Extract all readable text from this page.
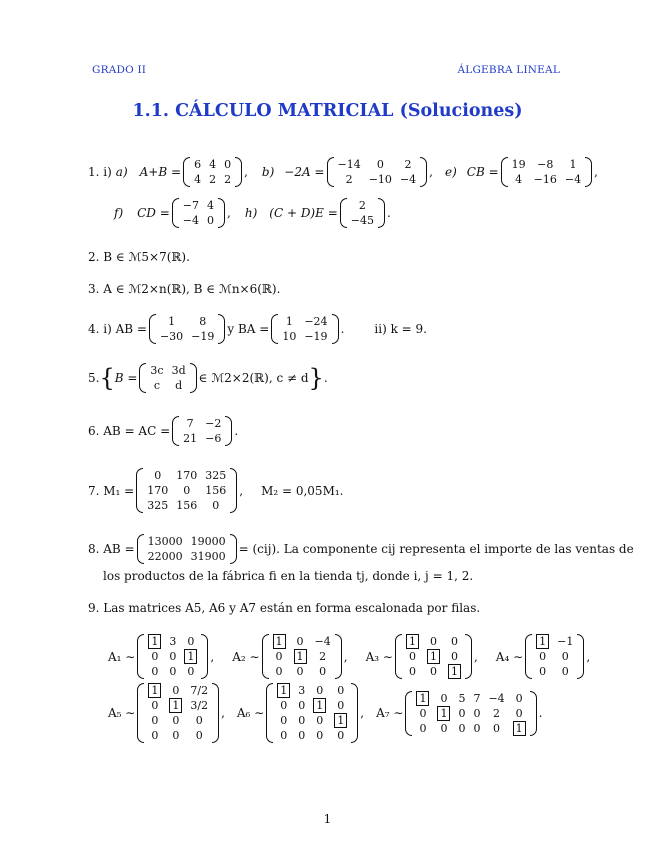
GRADO II	ÁLGEBRA LINEAL
1.1. CÁLCULO MATRICIAL (Soluciones)
1. i) a) A+B =
6	4	0
4	2	2
, b) −2A =
−14	0	2
2	−10	−4
, e) CB =
19	−8	1
4	−16	−4
,
f) CD =
−7	4
−4	0
, h) (C + D)E =
2
−45
.
2. B ∈ ℳ5×7(ℝ).
3. A ∈ ℳ2×n(ℝ), B ∈ ℳn×6(ℝ).
4. i) AB =
1	8
−30	−19
y BA =
1	−24
10	−19
.	ii) k = 9.
5. { B =
3c	3d
c	d
∈ ℳ2×2(ℝ), c ≠ d } .
6. AB = AC =
7	−2
21	−6
.
7. M₁ =
0	170	325
170	0	156
325	156	0
, M₂ = 0,05M₁.
8. AB =
13000	19000
22000	31900
= (cij). La componente cij representa el importe de las ventas de
los productos de la fábrica fi en la tienda tj, donde i, j = 1, 2.
9. Las matrices A5, A6 y A7 están en forma escalonada por filas.
A₁ ∼
1	3	0
0	0	1
0	0	0
, A₂ ∼
1	0	−4
0	1	2
0	0	0
, A₃ ∼
1	0	0
0	1	0
0	0	1
, A₄ ∼
1	−1
0	0
0	0
,
A₅ ∼
1	0	7/2
0	1	3/2
0	0	0
0	0	0
, A₆ ∼
1	3	0	0
0	0	1	0
0	0	0	1
0	0	0	0
, A₇ ∼
1	0	5	7	−4	0
0	1	0	0	2	0
0	0	0	0	0	1
.
1
